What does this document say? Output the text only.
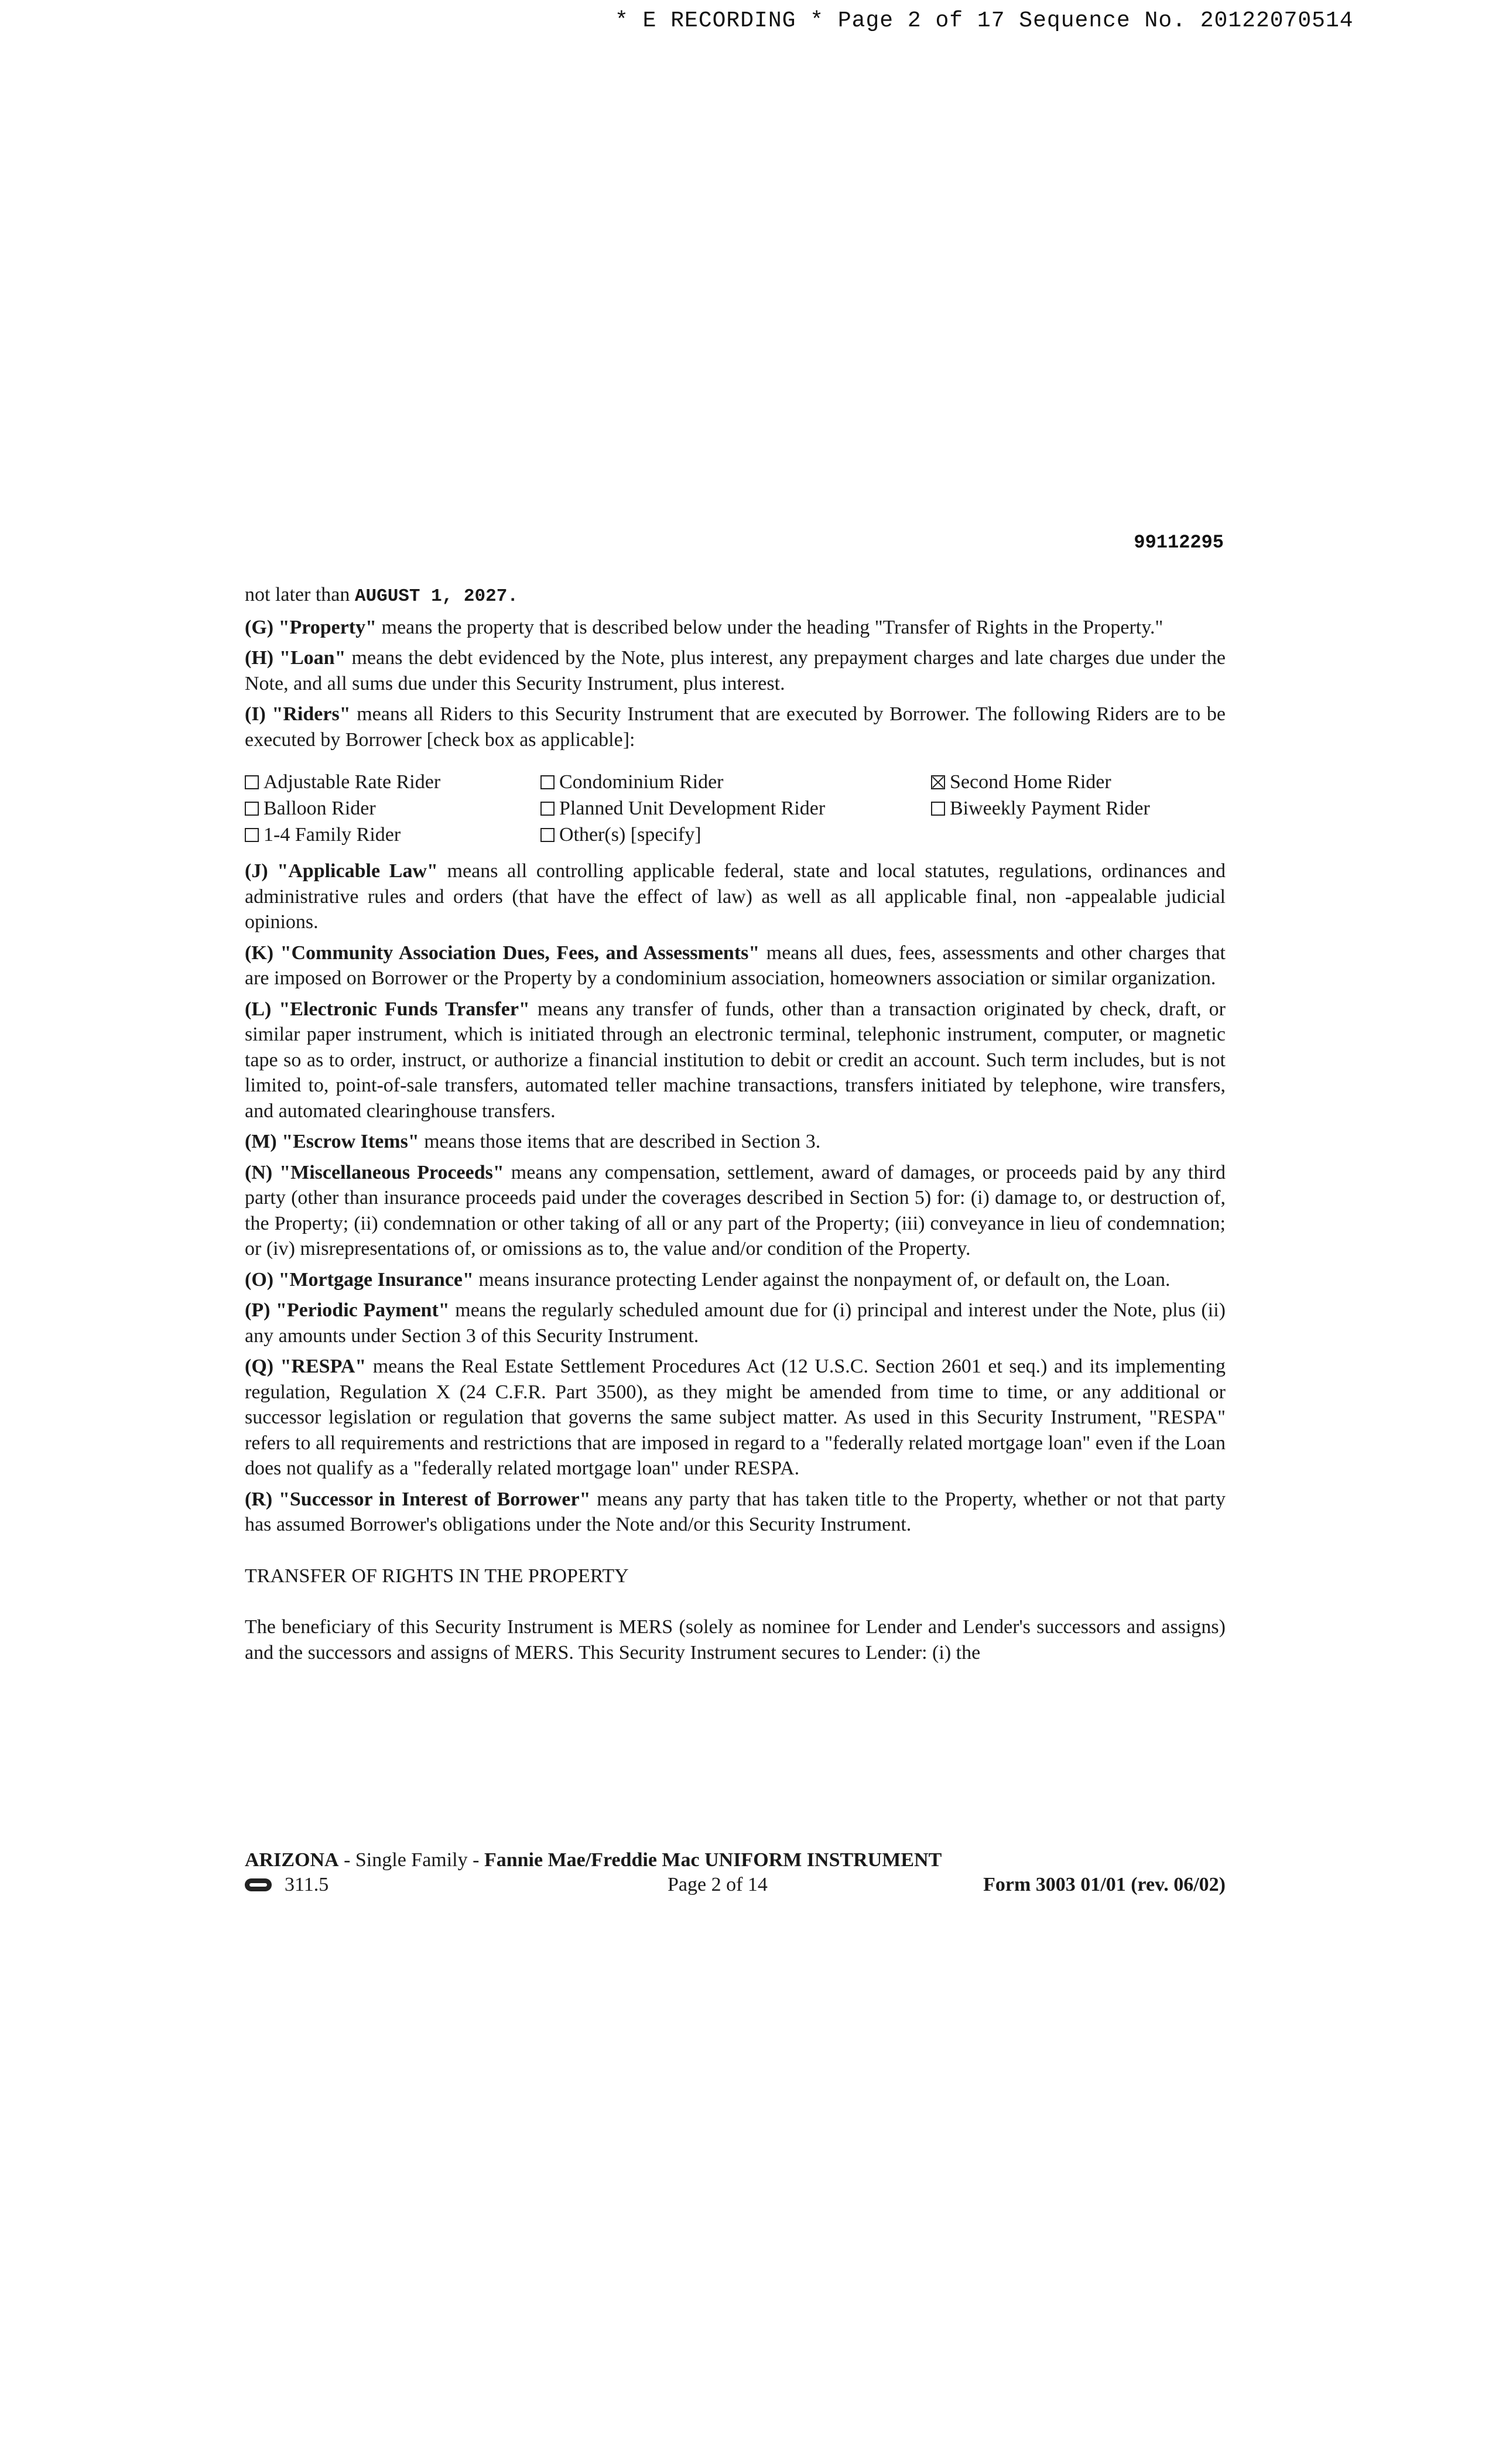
* E RECORDING * Page 2 of 17 Sequence No. 20122070514
99112295

not later than AUGUST 1, 2027.

(G) "Property" means the property that is described below under the heading "Transfer of Rights in the Property."

(H) "Loan" means the debt evidenced by the Note, plus interest, any prepayment charges and late charges due under the Note, and all sums due under this Security Instrument, plus interest.

(I) "Riders" means all Riders to this Security Instrument that are executed by Borrower. The following Riders are to be executed by Borrower [check box as applicable]:

Adjustable Rate Rider	Condominium Rider	Second Home Rider
Balloon Rider	Planned Unit Development Rider	Biweekly Payment Rider
1-4 Family Rider	Other(s) [specify]

(J) "Applicable Law" means all controlling applicable federal, state and local statutes, regulations, ordinances and administrative rules and orders (that have the effect of law) as well as all applicable final, non -appealable judicial opinions.

(K) "Community Association Dues, Fees, and Assessments" means all dues, fees, assessments and other charges that are imposed on Borrower or the Property by a condominium association, homeowners association or similar organization.

(L) "Electronic Funds Transfer" means any transfer of funds, other than a transaction originated by check, draft, or similar paper instrument, which is initiated through an electronic terminal, telephonic instrument, computer, or magnetic tape so as to order, instruct, or authorize a financial institution to debit or credit an account. Such term includes, but is not limited to, point-of-sale transfers, automated teller machine transactions, transfers initiated by telephone, wire transfers, and automated clearinghouse transfers.

(M) "Escrow Items" means those items that are described in Section 3.

(N) "Miscellaneous Proceeds" means any compensation, settlement, award of damages, or proceeds paid by any third party (other than insurance proceeds paid under the coverages described in Section 5) for: (i) damage to, or destruction of, the Property; (ii) condemnation or other taking of all or any part of the Property; (iii) conveyance in lieu of condemnation; or (iv) misrepresentations of, or omissions as to, the value and/or condition of the Property.

(O) "Mortgage Insurance" means insurance protecting Lender against the nonpayment of, or default on, the Loan.

(P) "Periodic Payment" means the regularly scheduled amount due for (i) principal and interest under the Note, plus (ii) any amounts under Section 3 of this Security Instrument.

(Q) "RESPA" means the Real Estate Settlement Procedures Act (12 U.S.C. Section 2601 et seq.) and its implementing regulation, Regulation X (24 C.F.R. Part 3500), as they might be amended from time to time, or any additional or successor legislation or regulation that governs the same subject matter. As used in this Security Instrument, "RESPA" refers to all requirements and restrictions that are imposed in regard to a "federally related mortgage loan" even if the Loan does not qualify as a "federally related mortgage loan" under RESPA.

(R) "Successor in Interest of Borrower" means any party that has taken title to the Property, whether or not that party has assumed Borrower's obligations under the Note and/or this Security Instrument.

TRANSFER OF RIGHTS IN THE PROPERTY

The beneficiary of this Security Instrument is MERS (solely as nominee for Lender and Lender's successors and assigns) and the successors and assigns of MERS. This Security Instrument secures to Lender: (i) the

ARIZONA - Single Family - Fannie Mae/Freddie Mac UNIFORM INSTRUMENT
311.5	Page 2 of 14	Form 3003 01/01 (rev. 06/02)
